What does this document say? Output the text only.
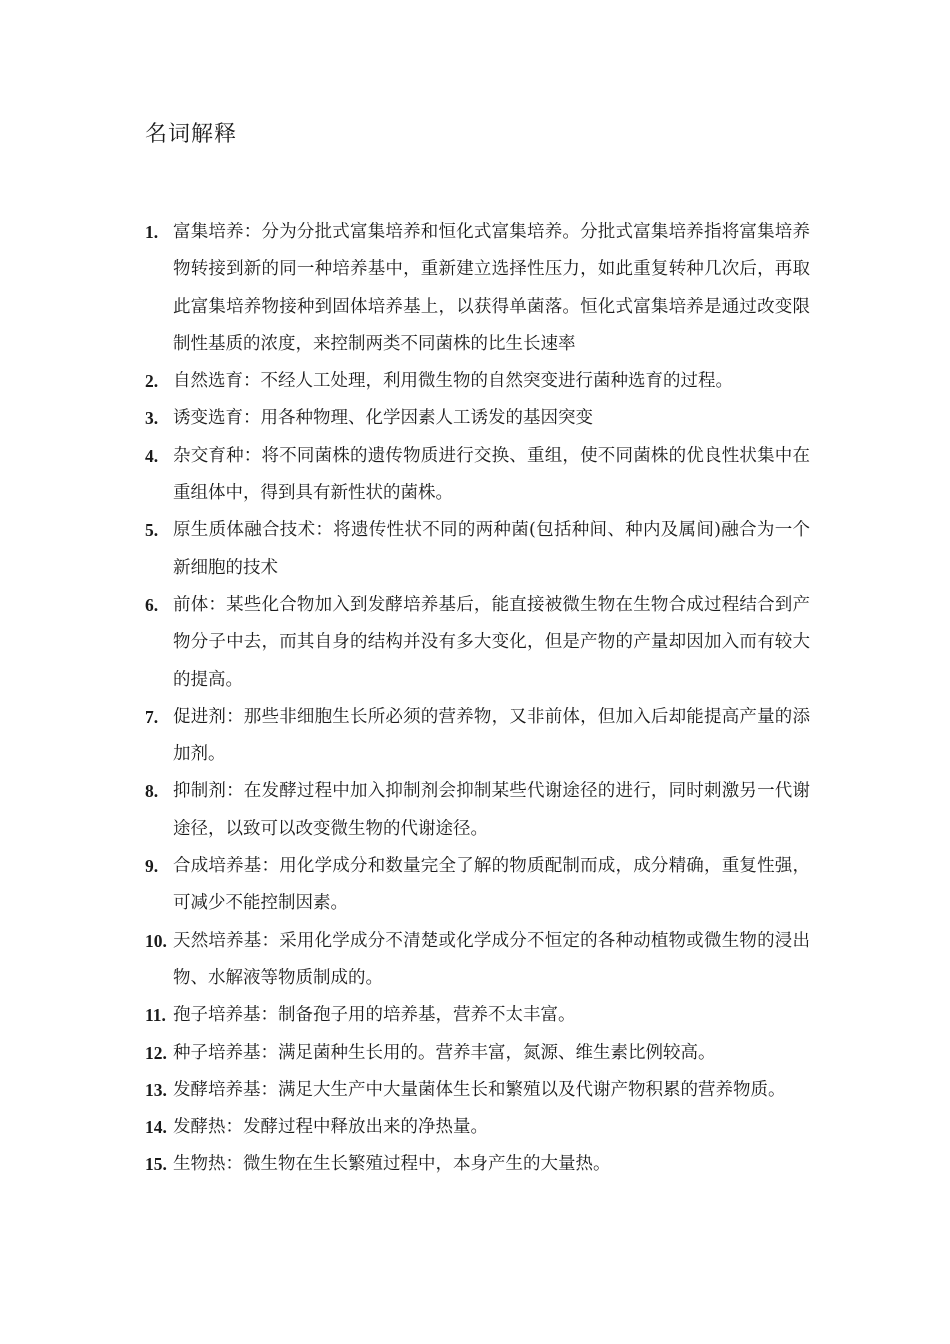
名词解释
1. 富集培养：分为分批式富集培养和恒化式富集培养。分批式富集培养指将富集培养物转接到新的同一种培养基中，重新建立选择性压力，如此重复转种几次后，再取此富集培养物接种到固体培养基上，以获得单菌落。恒化式富集培养是通过改变限制性基质的浓度，来控制两类不同菌株的比生长速率
2. 自然选育：不经人工处理，利用微生物的自然突变进行菌种选育的过程。
3. 诱变选育：用各种物理、化学因素人工诱发的基因突变
4. 杂交育种：将不同菌株的遗传物质进行交换、重组，使不同菌株的优良性状集中在重组体中，得到具有新性状的菌株。
5. 原生质体融合技术：将遗传性状不同的两种菌(包括种间、种内及属间)融合为一个新细胞的技术
6. 前体：某些化合物加入到发酵培养基后，能直接被微生物在生物合成过程结合到产物分子中去，而其自身的结构并没有多大变化，但是产物的产量却因加入而有较大的提高。
7. 促进剂：那些非细胞生长所必须的营养物，又非前体，但加入后却能提高产量的添加剂。
8. 抑制剂：在发酵过程中加入抑制剂会抑制某些代谢途径的进行，同时刺激另一代谢途径，以致可以改变微生物的代谢途径。
9. 合成培养基：用化学成分和数量完全了解的物质配制而成，成分精确，重复性强，可减少不能控制因素。
10. 天然培养基：采用化学成分不清楚或化学成分不恒定的各种动植物或微生物的浸出物、水解液等物质制成的。
11. 孢子培养基：制备孢子用的培养基，营养不太丰富。
12. 种子培养基：满足菌种生长用的。营养丰富，氮源、维生素比例较高。
13. 发酵培养基：满足大生产中大量菌体生长和繁殖以及代谢产物积累的营养物质。
14. 发酵热：发酵过程中释放出来的净热量。
15. 生物热：微生物在生长繁殖过程中，本身产生的大量热。
